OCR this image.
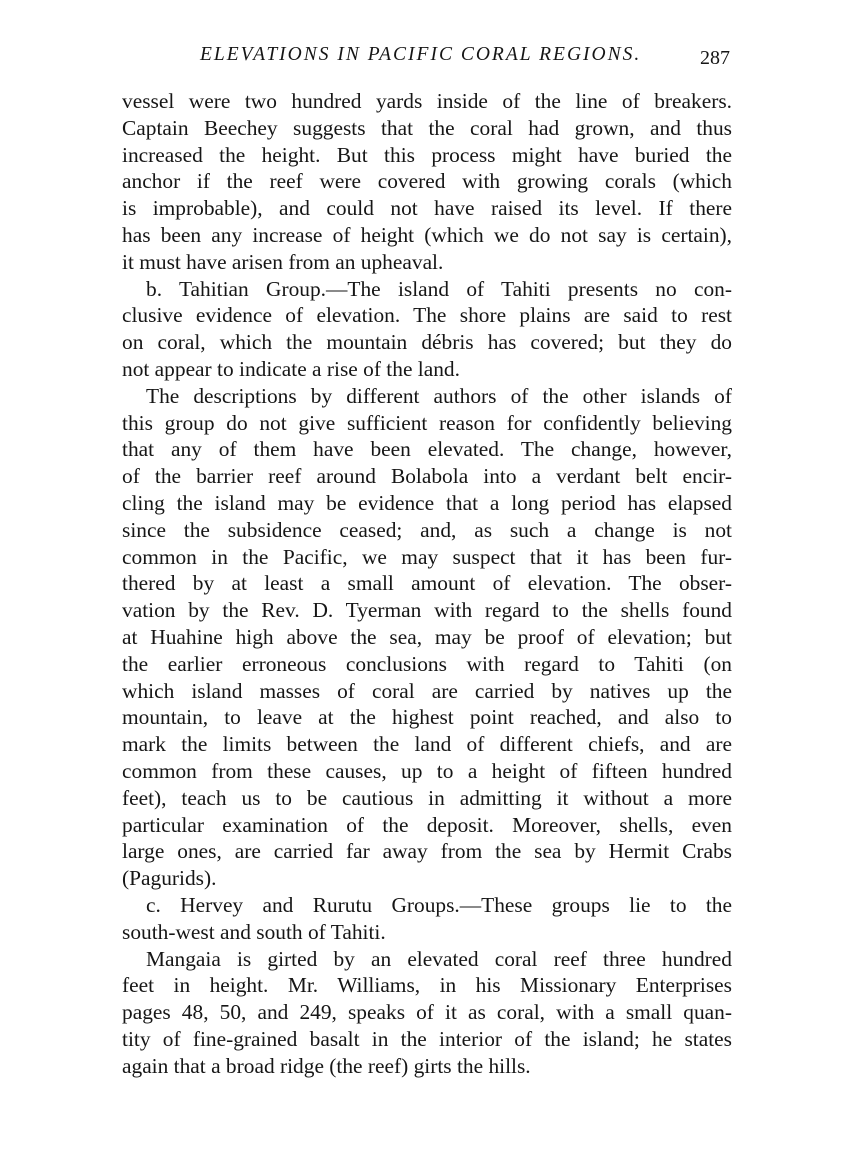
ELEVATIONS IN PACIFIC CORAL REGIONS.	287
vessel were two hundred yards inside of the line of breakers.
Captain Beechey suggests that the coral had grown, and thus
increased the height. But this process might have buried the
anchor if the reef were covered with growing corals (which
is improbable), and could not have raised its level. If there
has been any increase of height (which we do not say is certain),
it must have arisen from an upheaval.
b. Tahitian Group.—The island of Tahiti presents no con-
clusive evidence of elevation. The shore plains are said to rest
on coral, which the mountain débris has covered; but they do
not appear to indicate a rise of the land.
The descriptions by different authors of the other islands of
this group do not give sufficient reason for confidently believing
that any of them have been elevated. The change, however,
of the barrier reef around Bolabola into a verdant belt encir-
cling the island may be evidence that a long period has elapsed
since the subsidence ceased; and, as such a change is not
common in the Pacific, we may suspect that it has been fur-
thered by at least a small amount of elevation. The obser-
vation by the Rev. D. Tyerman with regard to the shells found
at Huahine high above the sea, may be proof of elevation; but
the earlier erroneous conclusions with regard to Tahiti (on
which island masses of coral are carried by natives up the
mountain, to leave at the highest point reached, and also to
mark the limits between the land of different chiefs, and are
common from these causes, up to a height of fifteen hundred
feet), teach us to be cautious in admitting it without a more
particular examination of the deposit. Moreover, shells, even
large ones, are carried far away from the sea by Hermit Crabs
(Pagurids).
c. Hervey and Rurutu Groups.—These groups lie to the
south-west and south of Tahiti.
Mangaia is girted by an elevated coral reef three hundred
feet in height. Mr. Williams, in his Missionary Enterprises
pages 48, 50, and 249, speaks of it as coral, with a small quan-
tity of fine-grained basalt in the interior of the island; he states
again that a broad ridge (the reef) girts the hills.
